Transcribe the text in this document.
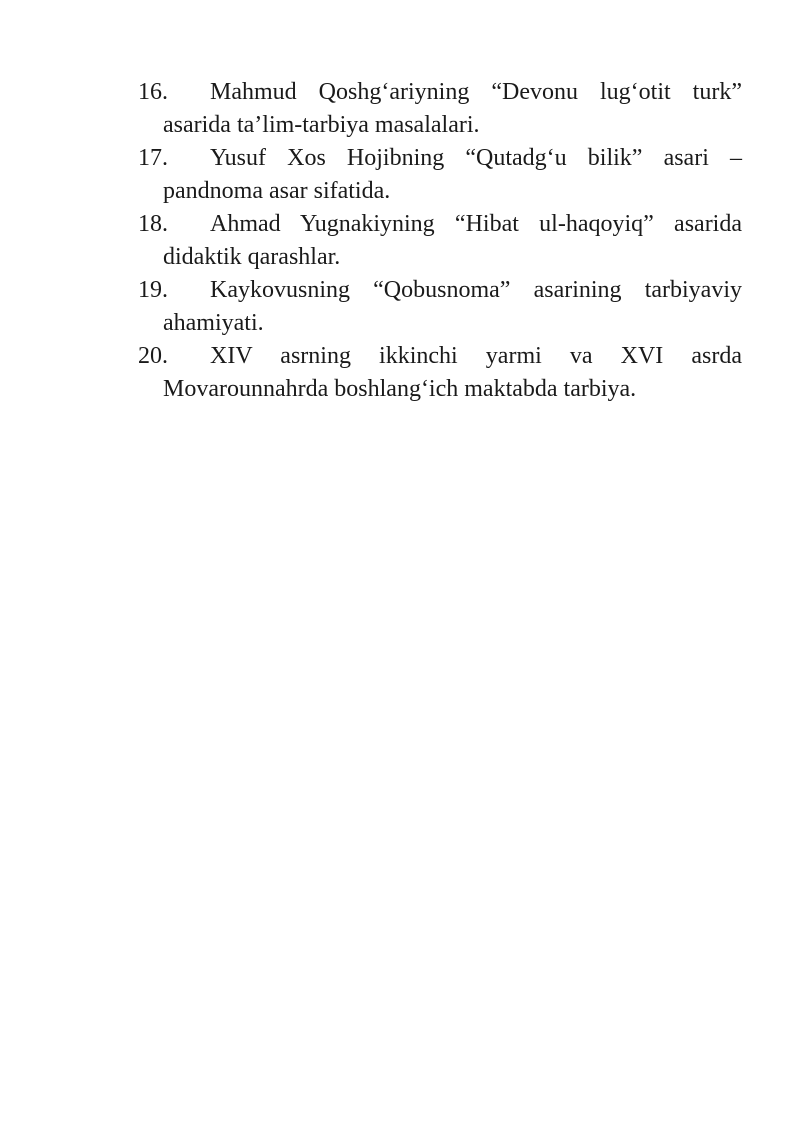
16. Mahmud Qoshg‘ariyning “Devonu lug‘otit turk” asarida ta’lim-tarbiya masalalari.
17. Yusuf Xos Hojibning “Qutadg‘u bilik” asari – pandnoma asar sifatida.
18. Ahmad Yugnakiyning “Hibat ul-haqoyiq” asarida didaktik qarashlar.
19. Kaykovusning “Qobusnoma” asarining tarbiyaviy ahamiyati.
20. XIV asrning ikkinchi yarmi va XVI asrda Movarounnahrda boshlang‘ich maktabda tarbiya.
